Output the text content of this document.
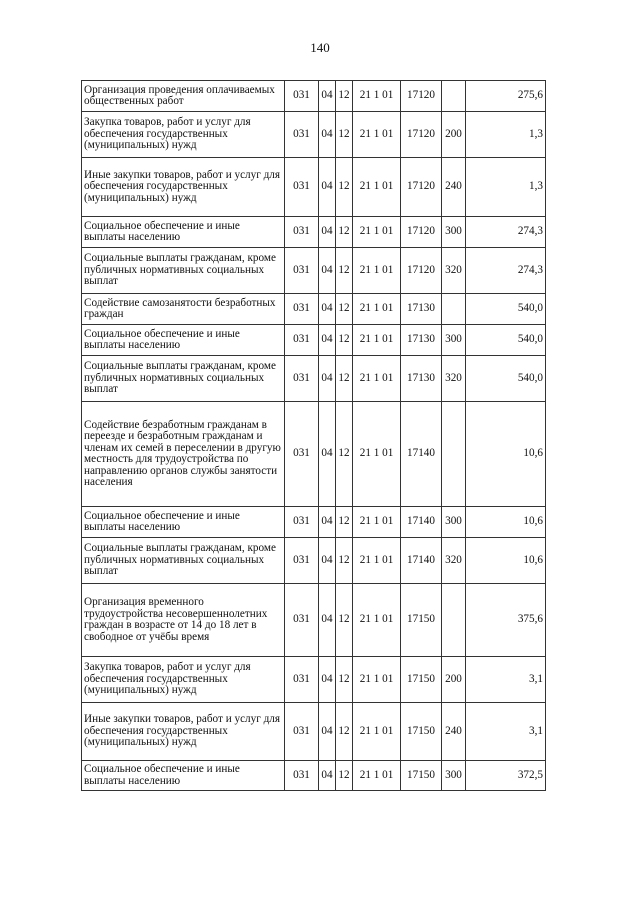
140
Организация проведения оплачиваемых общественных работ	031	04	12	21 1 01	17120		275,6
Закупка товаров, работ и услуг для обеспечения государственных (муниципальных) нужд	031	04	12	21 1 01	17120	200	1,3
Иные закупки товаров, работ и услуг для обеспечения государственных (муниципальных) нужд	031	04	12	21 1 01	17120	240	1,3
Социальное обеспечение и иные выплаты населению	031	04	12	21 1 01	17120	300	274,3
Социальные выплаты гражданам, кроме публичных нормативных социальных выплат	031	04	12	21 1 01	17120	320	274,3
Содействие самозанятости безработных граждан	031	04	12	21 1 01	17130		540,0
Социальное обеспечение и иные выплаты населению	031	04	12	21 1 01	17130	300	540,0
Социальные выплаты гражданам, кроме публичных нормативных социальных выплат	031	04	12	21 1 01	17130	320	540,0
Содействие безработным гражданам в переезде и безработным гражданам и членам их семей в переселении в другую местность для трудоустройства по направлению органов службы занятости населения	031	04	12	21 1 01	17140		10,6
Социальное обеспечение и иные выплаты населению	031	04	12	21 1 01	17140	300	10,6
Социальные выплаты гражданам, кроме публичных нормативных социальных выплат	031	04	12	21 1 01	17140	320	10,6
Организация временного трудоустройства несовершеннолетних граждан в возрасте от 14 до 18 лет в свободное от учёбы время	031	04	12	21 1 01	17150		375,6
Закупка товаров, работ и услуг для обеспечения государственных (муниципальных) нужд	031	04	12	21 1 01	17150	200	3,1
Иные закупки товаров, работ и услуг для обеспечения государственных (муниципальных) нужд	031	04	12	21 1 01	17150	240	3,1
Социальное обеспечение и иные выплаты населению	031	04	12	21 1 01	17150	300	372,5
